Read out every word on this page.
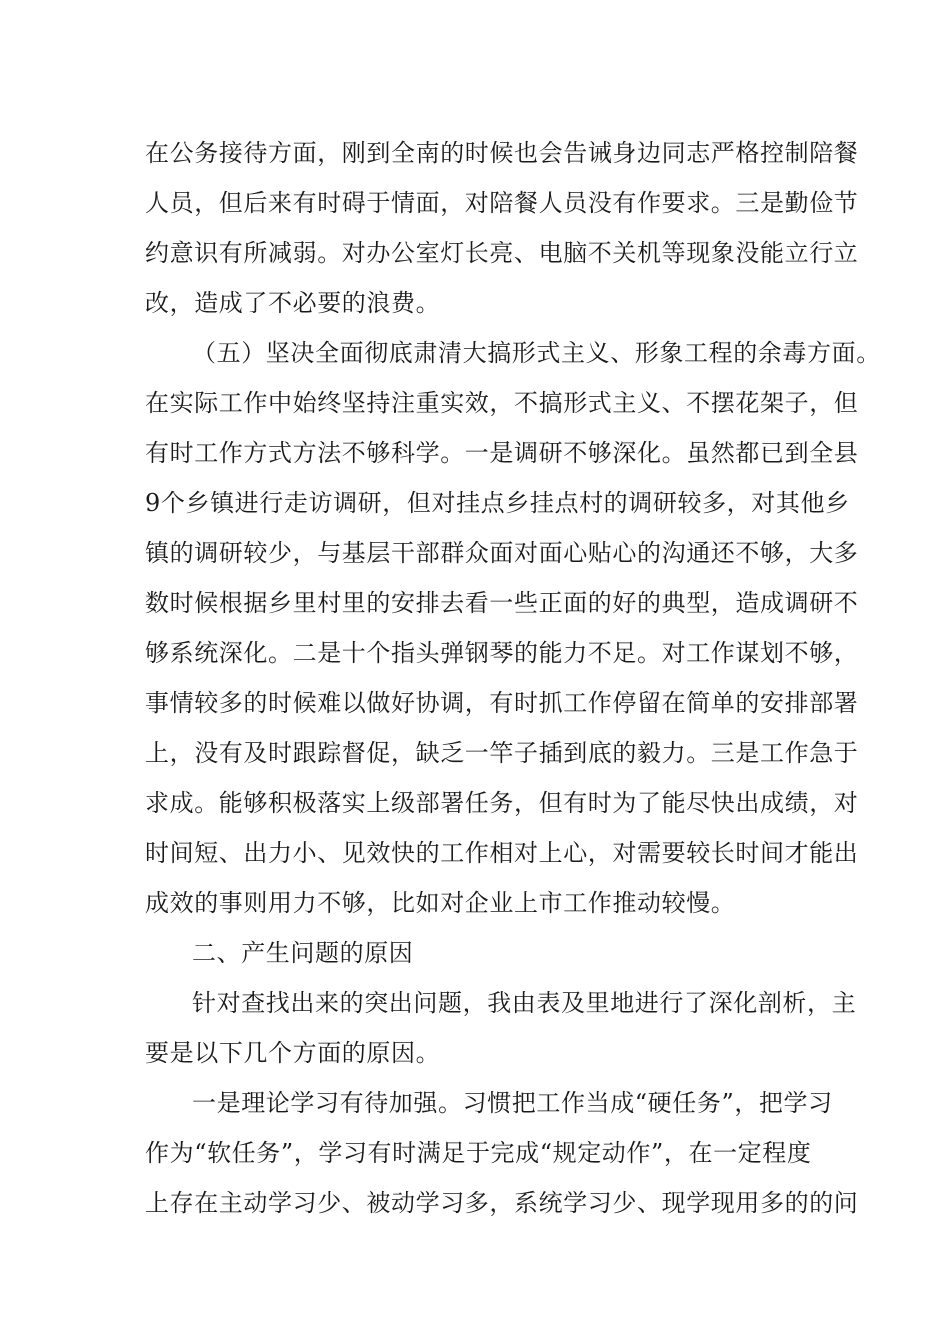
在公务接待方面，刚到全南的时候也会告诫身边同志严格控制陪餐
人员，但后来有时碍于情面，对陪餐人员没有作要求。三是勤俭节
约意识有所减弱。对办公室灯长亮、电脑不关机等现象没能立行立
改，造成了不必要的浪费。
（五）坚决全面彻底肃清大搞形式主义、形象工程的余毒方面。
在实际工作中始终坚持注重实效，不搞形式主义、不摆花架子，但
有时工作方式方法不够科学。一是调研不够深化。虽然都已到全县
9个乡镇进行走访调研，但对挂点乡挂点村的调研较多，对其他乡
镇的调研较少，与基层干部群众面对面心贴心的沟通还不够，大多
数时候根据乡里村里的安排去看一些正面的好的典型，造成调研不
够系统深化。二是十个指头弹钢琴的能力不足。对工作谋划不够，
事情较多的时候难以做好协调，有时抓工作停留在简单的安排部署
上，没有及时跟踪督促，缺乏一竿子插到底的毅力。三是工作急于
求成。能够积极落实上级部署任务，但有时为了能尽快出成绩，对
时间短、出力小、见效快的工作相对上心，对需要较长时间才能出
成效的事则用力不够，比如对企业上市工作推动较慢。
二、产生问题的原因
针对查找出来的突出问题，我由表及里地进行了深化剖析，主
要是以下几个方面的原因。
一是理论学习有待加强。习惯把工作当成“硬任务”，把学习
作为“软任务”，学习有时满足于完成“规定动作”，在一定程度
上存在主动学习少、被动学习多，系统学习少、现学现用多的的问
